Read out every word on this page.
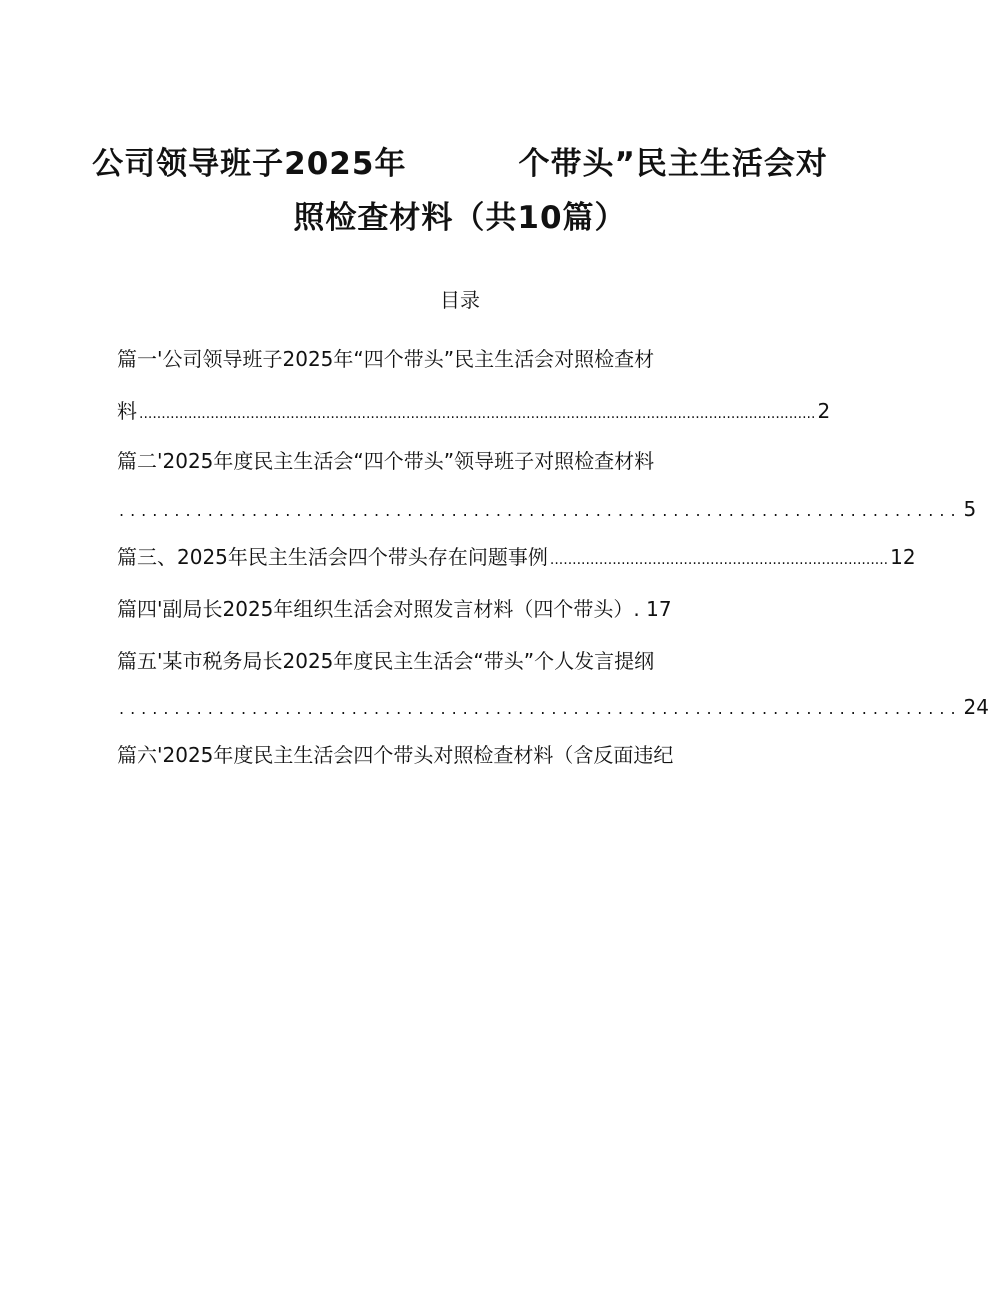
公司领导班子2025年	个带头”民主生活会对
照检查材料（共10篇）
目录
篇一'公司领导班子2025年“四个带头”民主生活会对照检查材
料 ........................................................................................................................................................ 2
篇二'2025年度民主生活会“四个带头”领导班子对照检查材料
............................................................................ 5
篇三、2025年民主生活会四个带头存在问题事例 ............................................................................ 12
篇四'副局长2025年组织生活会对照发言材料（四个带头）. 17
篇五'某市税务局长2025年度民主生活会“带头”个人发言提纲
............................................................................ 24
篇六'2025年度民主生活会四个带头对照检查材料（含反面违纪
